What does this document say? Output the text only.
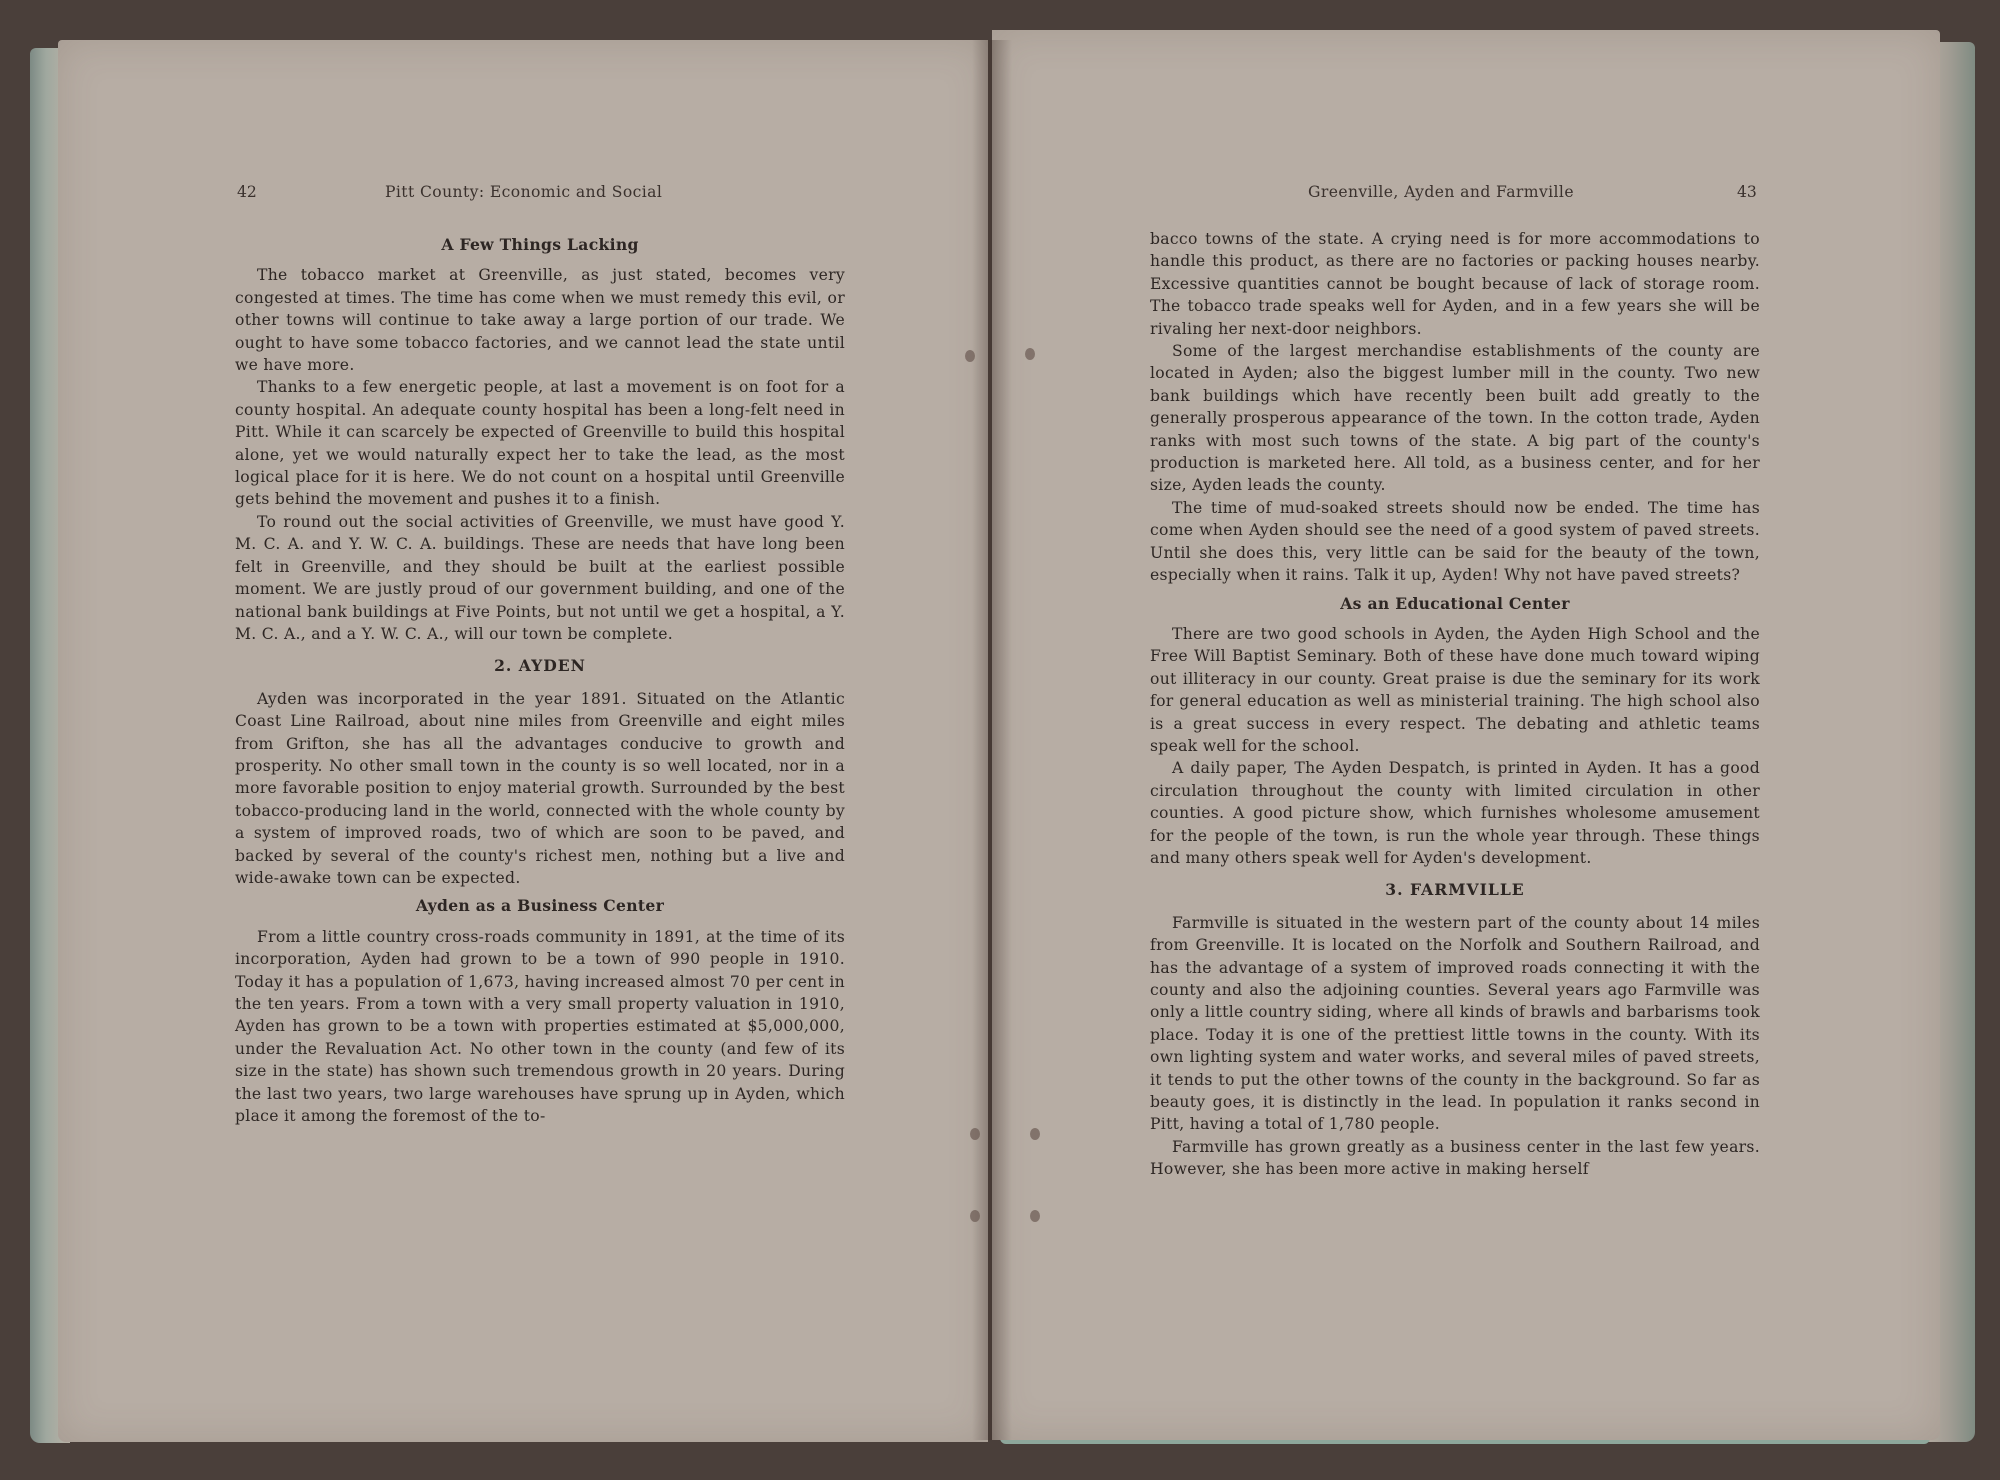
42	Pitt County: Economic and Social	Greenville, Ayden and Farmville	43
A Few Things Lacking

The tobacco market at Greenville, as just stated, becomes very congested at times. The time has come when we must remedy this evil, or other towns will continue to take away a large portion of our trade. We ought to have some tobacco factories, and we cannot lead the state until we have more.

Thanks to a few energetic people, at last a movement is on foot for a county hospital. An adequate county hospital has been a long-felt need in Pitt. While it can scarcely be expected of Greenville to build this hospital alone, yet we would naturally expect her to take the lead, as the most logical place for it is here. We do not count on a hospital until Greenville gets behind the movement and pushes it to a finish.

To round out the social activities of Greenville, we must have good Y. M. C. A. and Y. W. C. A. buildings. These are needs that have long been felt in Greenville, and they should be built at the earliest possible moment. We are justly proud of our government building, and one of the national bank buildings at Five Points, but not until we get a hospital, a Y. M. C. A., and a Y. W. C. A., will our town be complete.

2. AYDEN

Ayden was incorporated in the year 1891. Situated on the Atlantic Coast Line Railroad, about nine miles from Greenville and eight miles from Grifton, she has all the advantages conducive to growth and prosperity. No other small town in the county is so well located, nor in a more favorable position to enjoy material growth. Surrounded by the best tobacco-producing land in the world, connected with the whole county by a system of improved roads, two of which are soon to be paved, and backed by several of the county's richest men, nothing but a live and wide-awake town can be expected.

Ayden as a Business Center

From a little country cross-roads community in 1891, at the time of its incorporation, Ayden had grown to be a town of 990 people in 1910. Today it has a population of 1,673, having increased almost 70 per cent in the ten years. From a town with a very small property valuation in 1910, Ayden has grown to be a town with properties estimated at $5,000,000, under the Revaluation Act. No other town in the county (and few of its size in the state) has shown such tremendous growth in 20 years. During the last two years, two large warehouses have sprung up in Ayden, which place it among the foremost of the to-

bacco towns of the state. A crying need is for more accommodations to handle this product, as there are no factories or packing houses nearby. Excessive quantities cannot be bought because of lack of storage room. The tobacco trade speaks well for Ayden, and in a few years she will be rivaling her next-door neighbors.

Some of the largest merchandise establishments of the county are located in Ayden; also the biggest lumber mill in the county. Two new bank buildings which have recently been built add greatly to the generally prosperous appearance of the town. In the cotton trade, Ayden ranks with most such towns of the state. A big part of the county's production is marketed here. All told, as a business center, and for her size, Ayden leads the county.

The time of mud-soaked streets should now be ended. The time has come when Ayden should see the need of a good system of paved streets. Until she does this, very little can be said for the beauty of the town, especially when it rains. Talk it up, Ayden! Why not have paved streets?

As an Educational Center

There are two good schools in Ayden, the Ayden High School and the Free Will Baptist Seminary. Both of these have done much toward wiping out illiteracy in our county. Great praise is due the seminary for its work for general education as well as ministerial training. The high school also is a great success in every respect. The debating and athletic teams speak well for the school.

A daily paper, The Ayden Despatch, is printed in Ayden. It has a good circulation throughout the county with limited circulation in other counties. A good picture show, which furnishes wholesome amusement for the people of the town, is run the whole year through. These things and many others speak well for Ayden's development.

3. FARMVILLE

Farmville is situated in the western part of the county about 14 miles from Greenville. It is located on the Norfolk and Southern Railroad, and has the advantage of a system of improved roads connecting it with the county and also the adjoining counties. Several years ago Farmville was only a little country siding, where all kinds of brawls and barbarisms took place. Today it is one of the prettiest little towns in the county. With its own lighting system and water works, and several miles of paved streets, it tends to put the other towns of the county in the background. So far as beauty goes, it is distinctly in the lead. In population it ranks second in Pitt, having a total of 1,780 people.

Farmville has grown greatly as a business center in the last few years. However, she has been more active in making herself
